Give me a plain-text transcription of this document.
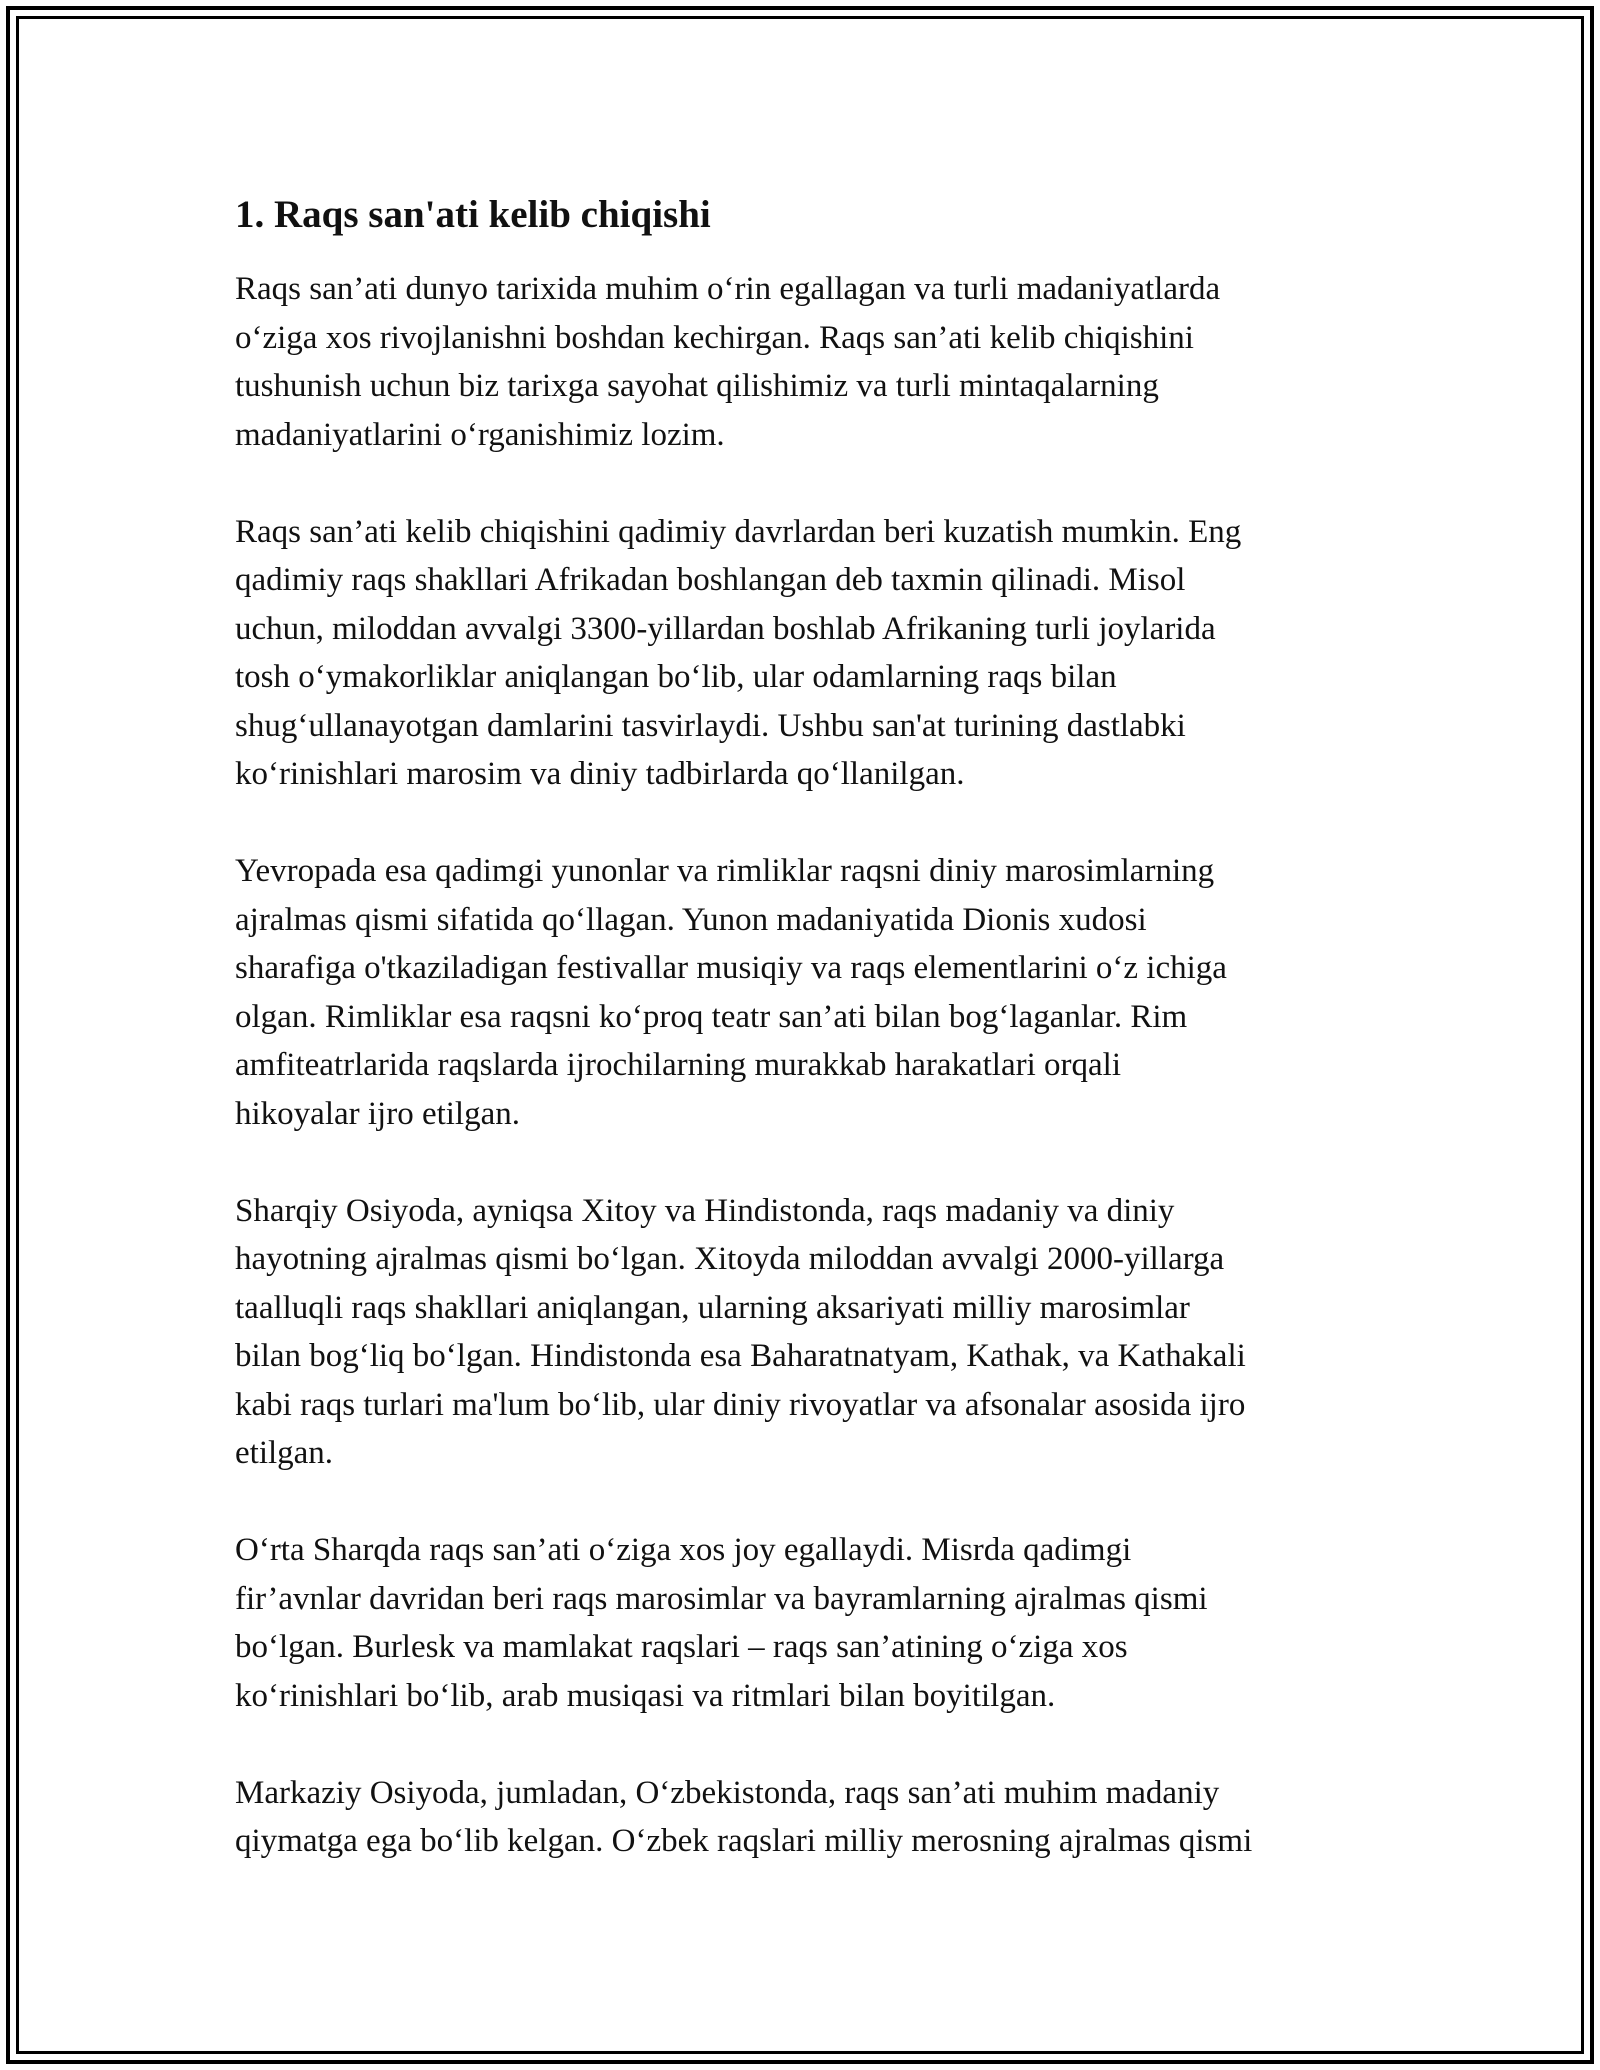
1. Raqs san'ati kelib chiqishi
Raqs san’ati dunyo tarixida muhim o‘rin egallagan va turli madaniyatlarda
o‘ziga xos rivojlanishni boshdan kechirgan. Raqs san’ati kelib chiqishini
tushunish uchun biz tarixga sayohat qilishimiz va turli mintaqalarning
madaniyatlarini o‘rganishimiz lozim.
Raqs san’ati kelib chiqishini qadimiy davrlardan beri kuzatish mumkin. Eng
qadimiy raqs shakllari Afrikadan boshlangan deb taxmin qilinadi. Misol
uchun, miloddan avvalgi 3300-yillardan boshlab Afrikaning turli joylarida
tosh o‘ymakorliklar aniqlangan bo‘lib, ular odamlarning raqs bilan
shug‘ullanayotgan damlarini tasvirlaydi. Ushbu san'at turining dastlabki
ko‘rinishlari marosim va diniy tadbirlarda qo‘llanilgan.
Yevropada esa qadimgi yunonlar va rimliklar raqsni diniy marosimlarning
ajralmas qismi sifatida qo‘llagan. Yunon madaniyatida Dionis xudosi
sharafiga o'tkaziladigan festivallar musiqiy va raqs elementlarini o‘z ichiga
olgan. Rimliklar esa raqsni ko‘proq teatr san’ati bilan bog‘laganlar. Rim
amfiteatrlarida raqslarda ijrochilarning murakkab harakatlari orqali
hikoyalar ijro etilgan.
Sharqiy Osiyoda, ayniqsa Xitoy va Hindistonda, raqs madaniy va diniy
hayotning ajralmas qismi bo‘lgan. Xitoyda miloddan avvalgi 2000-yillarga
taalluqli raqs shakllari aniqlangan, ularning aksariyati milliy marosimlar
bilan bog‘liq bo‘lgan. Hindistonda esa Baharatnatyam, Kathak, va Kathakali
kabi raqs turlari ma'lum bo‘lib, ular diniy rivoyatlar va afsonalar asosida ijro
etilgan.
O‘rta Sharqda raqs san’ati o‘ziga xos joy egallaydi. Misrda qadimgi
fir’avnlar davridan beri raqs marosimlar va bayramlarning ajralmas qismi
bo‘lgan. Burlesk va mamlakat raqslari – raqs san’atining o‘ziga xos
ko‘rinishlari bo‘lib, arab musiqasi va ritmlari bilan boyitilgan.
Markaziy Osiyoda, jumladan, O‘zbekistonda, raqs san’ati muhim madaniy
qiymatga ega bo‘lib kelgan. O‘zbek raqslari milliy merosning ajralmas qismi
